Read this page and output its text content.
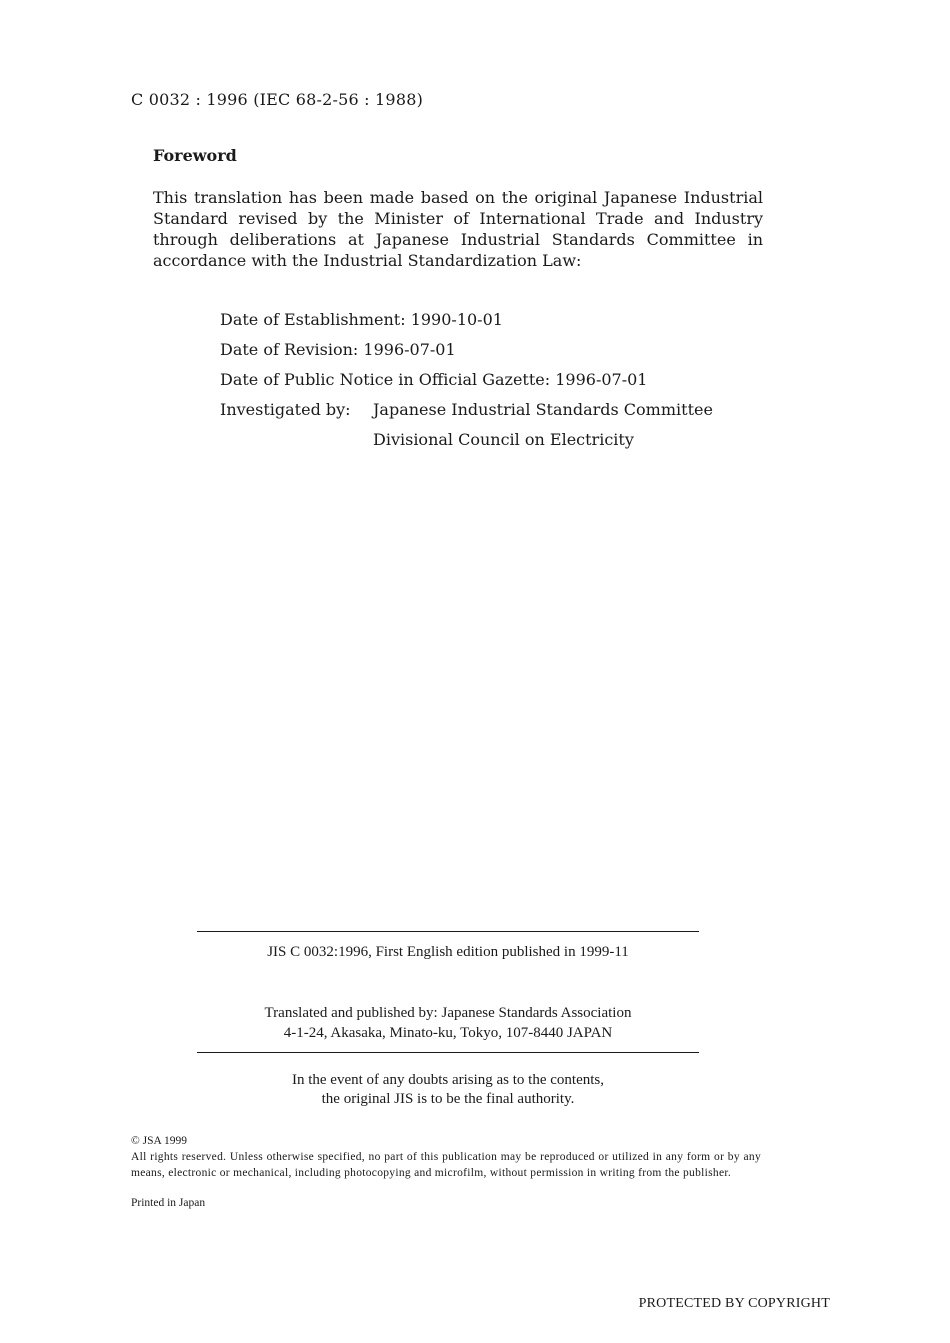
C 0032 : 1996 (IEC 68-2-56 : 1988)
Foreword
This translation has been made based on the original Japanese Industrial Standard revised by the Minister of International Trade and Industry through deliberations at Japanese Industrial Standards Committee in accordance with the Industrial Standardization Law:
Date of Establishment: 1990-10-01
Date of Revision: 1996-07-01
Date of Public Notice in Official Gazette: 1996-07-01
Investigated by:	Japanese Industrial Standards Committee
Divisional Council on Electricity
JIS C 0032:1996, First English edition published in 1999-11
Translated and published by: Japanese Standards Association
4-1-24, Akasaka, Minato-ku, Tokyo, 107-8440 JAPAN
In the event of any doubts arising as to the contents,
the original JIS is to be the final authority.
© JSA 1999
All rights reserved. Unless otherwise specified, no part of this publication may be reproduced or utilized in any form or by any means, electronic or mechanical, including photocopying and microfilm, without permission in writing from the publisher.
Printed in Japan
PROTECTED BY COPYRIGHT
